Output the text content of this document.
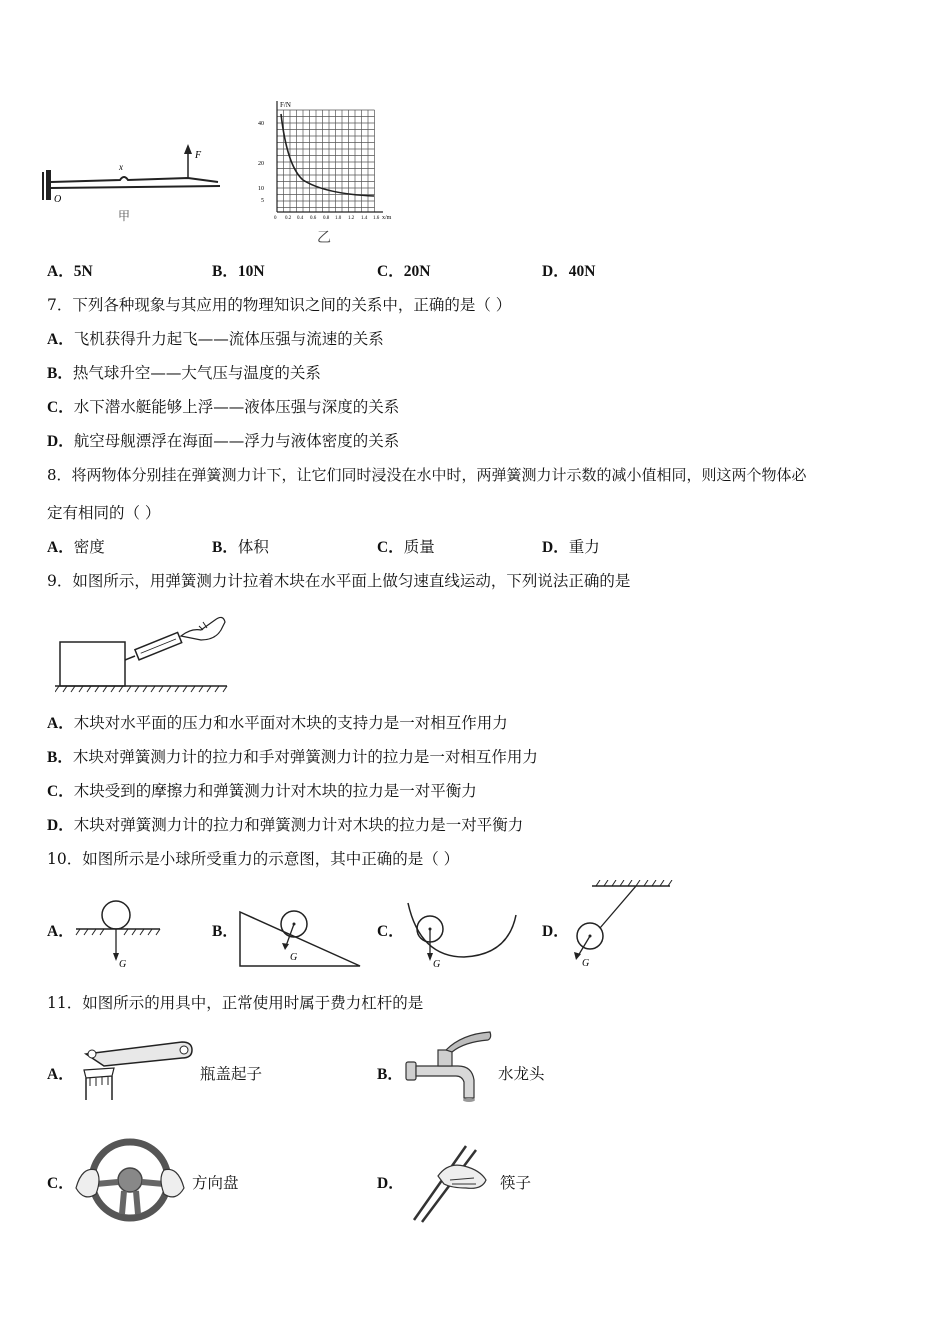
F
x
O
甲
F/N
40
20
10
5
0 0.2 0.4 0.6 0.8 1.0 1.2 1.4 1.6 x/m
乙
A．5N	B．10N	C．20N	D．40N
7．下列各种现象与其应用的物理知识之间的关系中，正确的是（ ）
A．飞机获得升力起飞——流体压强与流速的关系
B．热气球升空——大气压与温度的关系
C．水下潜水艇能够上浮——液体压强与深度的关系
D．航空母舰漂浮在海面——浮力与液体密度的关系
8．将两物体分别挂在弹簧测力计下，让它们同时浸没在水中时，两弹簧测力计示数的减小值相同，则这两个物体必
定有相同的（ ）
A．密度	B．体积	C．质量	D．重力
9．如图所示，用弹簧测力计拉着木块在水平面上做匀速直线运动，下列说法正确的是
A．木块对水平面的压力和水平面对木块的支持力是一对相互作用力
B．木块对弹簧测力计的拉力和手对弹簧测力计的拉力是一对相互作用力
C．木块受到的摩擦力和弹簧测力计对木块的拉力是一对平衡力
D．木块对弹簧测力计的拉力和弹簧测力计对木块的拉力是一对平衡力
10．如图所示是小球所受重力的示意图，其中正确的是（ ）
A．
G
B．
G
C．
G
D．
G
11．如图所示的用具中，正常使用时属于费力杠杆的是
A．	瓶盖起子	B．	水龙头
C．	方向盘	D．	筷子
